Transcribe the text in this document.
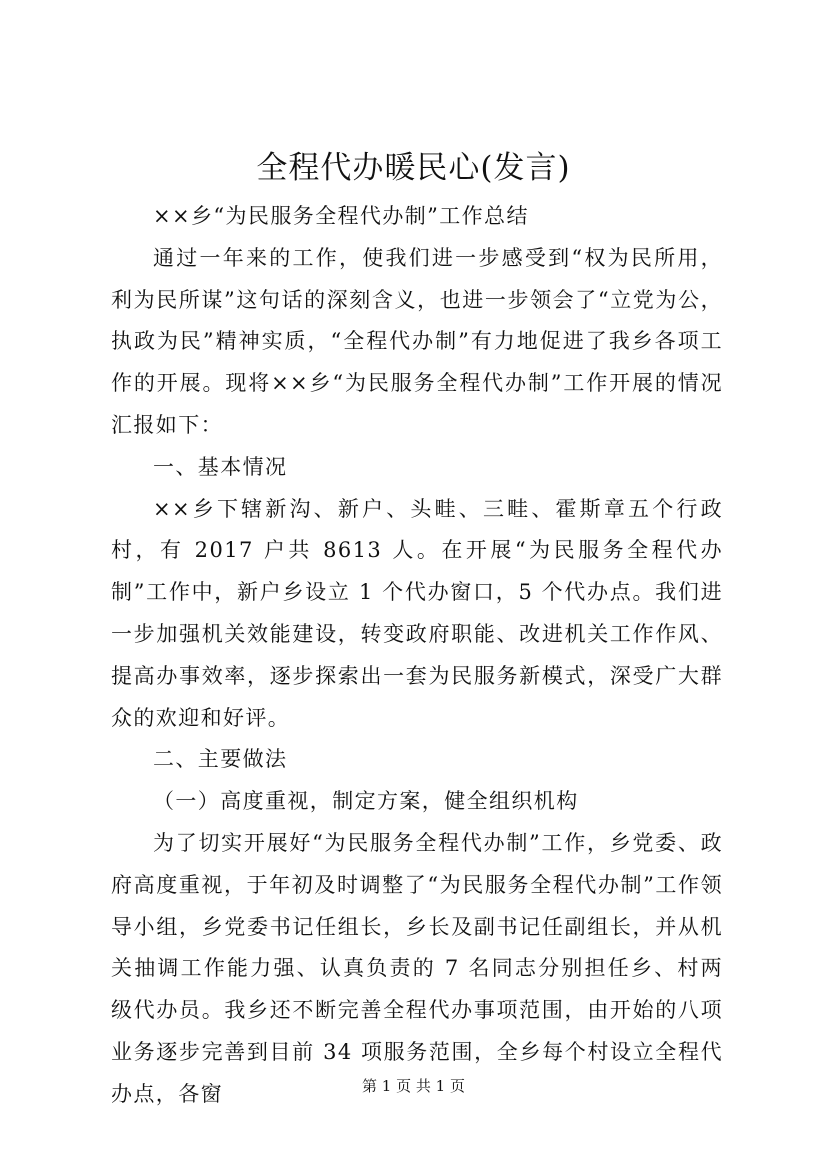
全程代办暖民心(发言)

××乡“为民服务全程代办制”工作总结

通过一年来的工作，使我们进一步感受到“权为民所用，利为民所谋”这句话的深刻含义，也进一步领会了“立党为公，执政为民”精神实质，“全程代办制”有力地促进了我乡各项工作的开展。现将××乡“为民服务全程代办制”工作开展的情况汇报如下：

一、基本情况

××乡下辖新沟、新户、头畦、三畦、霍斯章五个行政村，有 2017 户共 8613 人。在开展“为民服务全程代办制”工作中，新户乡设立 1 个代办窗口，5 个代办点。我们进一步加强机关效能建设，转变政府职能、改进机关工作作风、提高办事效率，逐步探索出一套为民服务新模式，深受广大群众的欢迎和好评。

二、主要做法

（一）高度重视，制定方案，健全组织机构

为了切实开展好“为民服务全程代办制”工作，乡党委、政府高度重视，于年初及时调整了“为民服务全程代办制”工作领导小组，乡党委书记任组长，乡长及副书记任副组长，并从机关抽调工作能力强、认真负责的 7 名同志分别担任乡、村两级代办员。我乡还不断完善全程代办事项范围，由开始的八项业务逐步完善到目前 34 项服务范围，全乡每个村设立全程代办点，各窗	第 1 页 共 1 页
